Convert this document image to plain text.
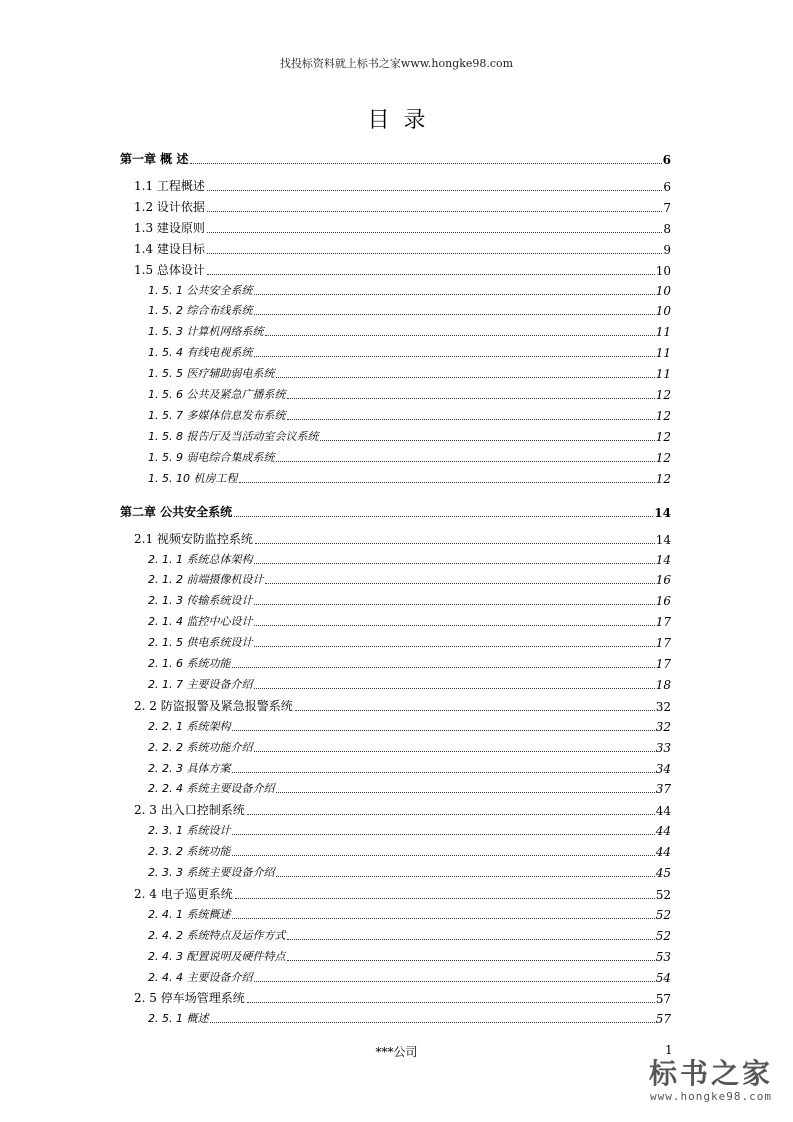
找投标资料就上标书之家www.hongke98.com
目录
第一章 概 述	6
1.1 工程概述	6
1.2 设计依据	7
1.3 建设原则	8
1.4 建设目标	9
1.5 总体设计	10
1. 5. 1 公共安全系统	10
1. 5. 2 综合布线系统	10
1. 5. 3 计算机网络系统	11
1. 5. 4 有线电视系统	11
1. 5. 5 医疗辅助弱电系统	11
1. 5. 6 公共及紧急广播系统	12
1. 5. 7 多媒体信息发布系统	12
1. 5. 8 报告厅及当活动室会议系统	12
1. 5. 9 弱电综合集成系统	12
1. 5. 10 机房工程	12
第二章 公共安全系统	14
2.1 视频安防监控系统	14
2. 1. 1 系统总体架构	14
2. 1. 2 前端摄像机设计	16
2. 1. 3 传输系统设计	16
2. 1. 4 监控中心设计	17
2. 1. 5 供电系统设计	17
2. 1. 6 系统功能	17
2. 1. 7 主要设备介绍	18
2. 2 防盗报警及紧急报警系统	32
2. 2. 1 系统架构	32
2. 2. 2 系统功能介绍	33
2. 2. 3 具体方案	34
2. 2. 4 系统主要设备介绍	37
2. 3 出入口控制系统	44
2. 3. 1 系统设计	44
2. 3. 2 系统功能	44
2. 3. 3 系统主要设备介绍	45
2. 4 电子巡更系统	52
2. 4. 1 系统概述	52
2. 4. 2 系统特点及运作方式	52
2. 4. 3 配置说明及硬件特点	53
2. 4. 4 主要设备介绍	54
2. 5 停车场管理系统	57
2. 5. 1 概述	57
***公司	1
标书之家
www.hongke98.com
